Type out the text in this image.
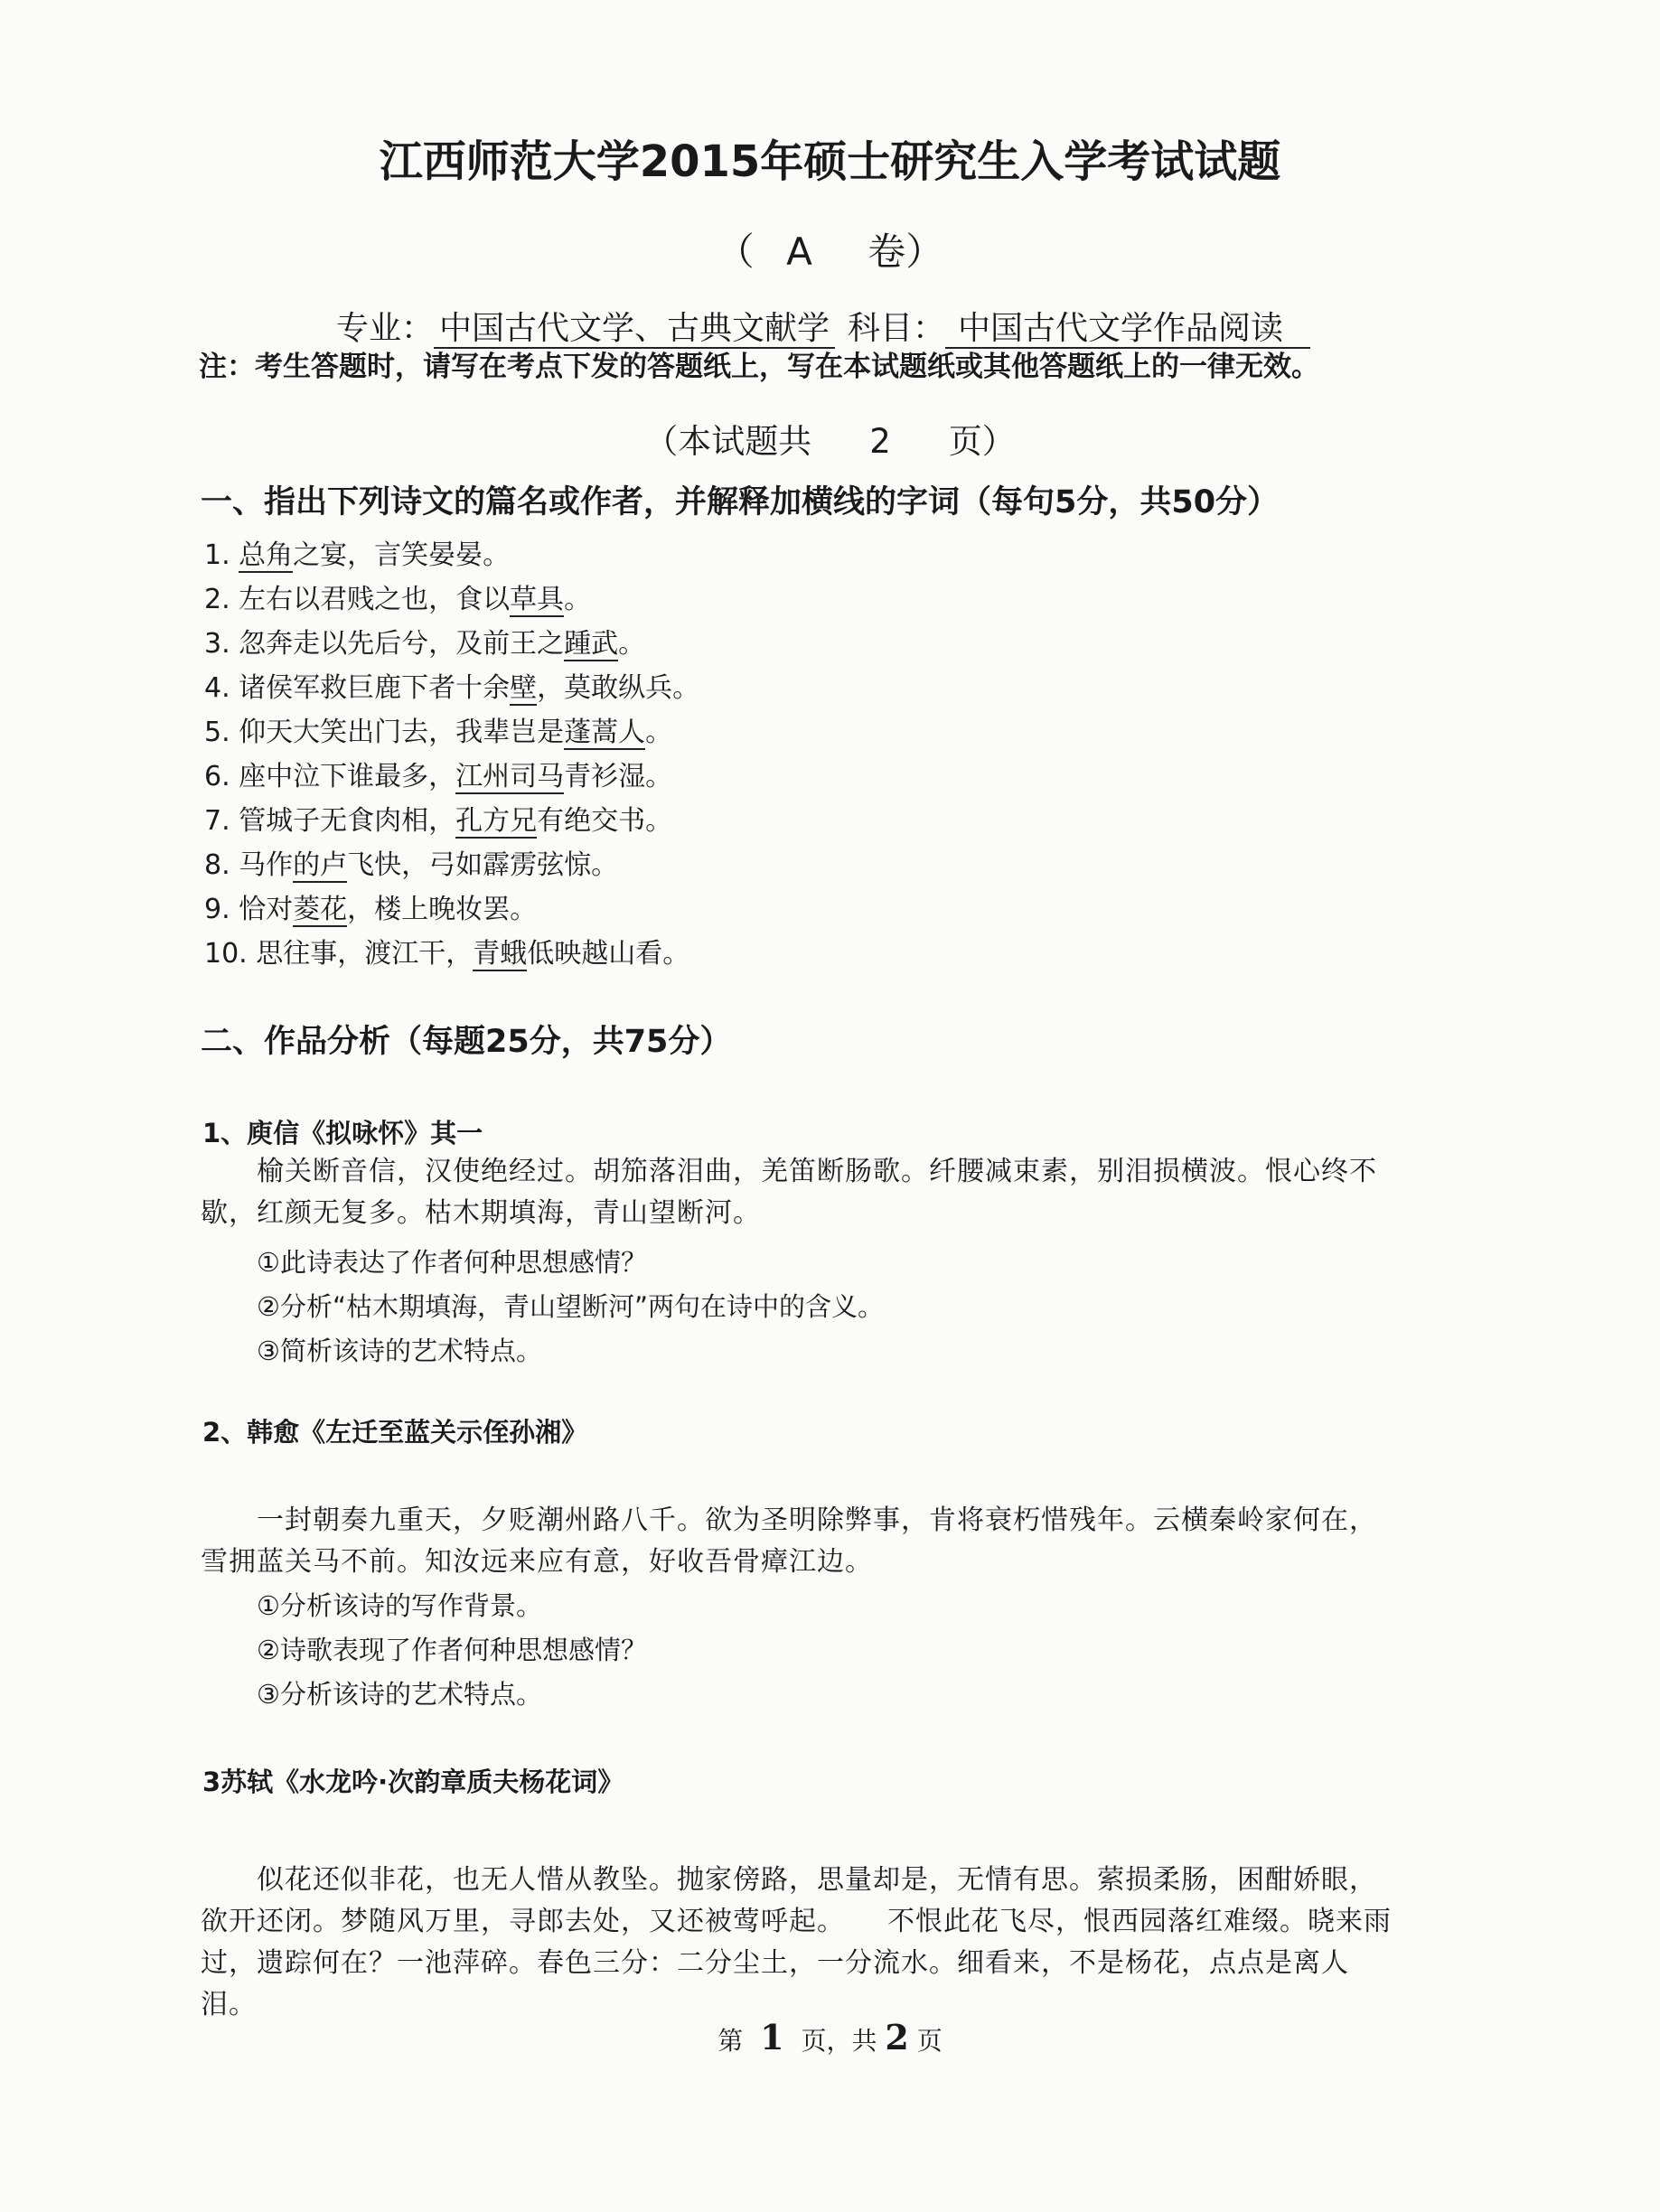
江西师范大学2015年硕士研究生入学考试试题
（ A 卷）
专业： 中国古代文学、古典文献学 科目： 中国古代文学作品阅读
注：考生答题时，请写在考点下发的答题纸上，写在本试题纸或其他答题纸上的一律无效。
（本试题共 2 页）
一、指出下列诗文的篇名或作者，并解释加横线的字词（每句5分，共50分）
1. 总角之宴，言笑晏晏。
2. 左右以君贱之也，食以草具。
3. 忽奔走以先后兮，及前王之踵武。
4. 诸侯军救巨鹿下者十余壁，莫敢纵兵。
5. 仰天大笑出门去，我辈岂是蓬蒿人。
6. 座中泣下谁最多，江州司马青衫湿。
7. 管城子无食肉相，孔方兄有绝交书。
8. 马作的卢飞快，弓如霹雳弦惊。
9. 恰对菱花，楼上晚妆罢。
10. 思往事，渡江干，青蛾低映越山看。
二、作品分析（每题25分，共75分）
1、庾信《拟咏怀》其一
榆关断音信，汉使绝经过。胡笳落泪曲，羌笛断肠歌。纤腰减束素，别泪损横波。恨心终不歇，红颜无复多。枯木期填海，青山望断河。
①此诗表达了作者何种思想感情？
②分析“枯木期填海，青山望断河”两句在诗中的含义。
③简析该诗的艺术特点。
2、韩愈《左迁至蓝关示侄孙湘》
一封朝奏九重天，夕贬潮州路八千。欲为圣明除弊事，肯将衰朽惜残年。云横秦岭家何在，雪拥蓝关马不前。知汝远来应有意，好收吾骨瘴江边。
①分析该诗的写作背景。
②诗歌表现了作者何种思想感情？
③分析该诗的艺术特点。
3苏轼《水龙吟·次韵章质夫杨花词》
似花还似非花，也无人惜从教坠。抛家傍路，思量却是，无情有思。萦损柔肠，困酣娇眼，欲开还闭。梦随风万里，寻郎去处，又还被莺呼起。　　不恨此花飞尽，恨西园落红难缀。晓来雨过，遗踪何在？一池萍碎。春色三分：二分尘土，一分流水。细看来，不是杨花，点点是离人泪。
第 1 页，共 2 页
